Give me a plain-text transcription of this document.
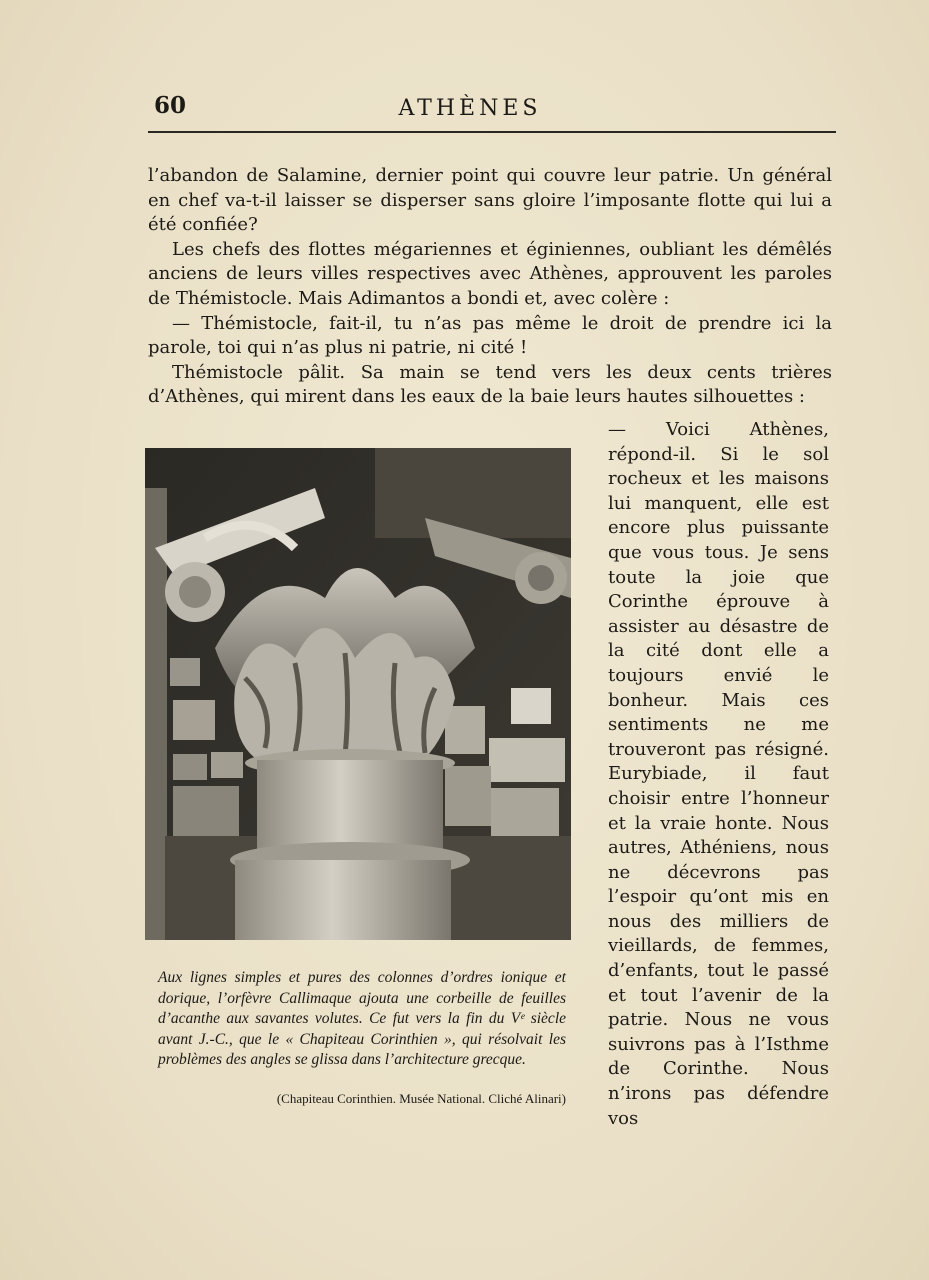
60	ATHÈNES

l’abandon de Salamine, dernier point qui couvre leur patrie. Un général en chef va-t-il laisser se disperser sans gloire l’imposante flotte qui lui a été confiée?

Les chefs des flottes mégariennes et éginiennes, oubliant les démêlés anciens de leurs villes respectives avec Athènes, approuvent les paroles de Thémistocle. Mais Adimantos a bondi et, avec colère :

— Thémistocle, fait-il, tu n’as pas même le droit de prendre ici la parole, toi qui n’as plus ni patrie, ni cité !

Thémistocle pâlit. Sa main se tend vers les deux cents trières d’Athènes, qui mirent dans les eaux de la baie leurs hautes silhouettes :

— Voici Athènes, répond-il. Si le sol rocheux et les maisons lui manquent, elle est encore plus puissante que vous tous. Je sens toute la joie que Corinthe éprouve à assister au désastre de la cité dont elle a toujours envié le bonheur. Mais ces sentiments ne me trouveront pas résigné. Eurybiade, il faut choisir entre l’honneur et la vraie honte. Nous autres, Athéniens, nous ne décevrons pas l’espoir qu’ont mis en nous des milliers de vieillards, de femmes, d’enfants, tout le passé et tout l’avenir de la patrie. Nous ne vous suivrons pas à l’Isthme de Corinthe. Nous n’irons pas défendre vos

Aux lignes simples et pures des colonnes d’ordres ionique et dorique, l’orfèvre Callimaque ajouta une corbeille de feuilles d’acanthe aux savantes volutes. Ce fut vers la fin du Vᵉ siècle avant J.-C., que le « Chapiteau Corinthien », qui résolvait les problèmes des angles se glissa dans l’architecture grecque.
(Chapiteau Corinthien. Musée National. Cliché Alinari)
